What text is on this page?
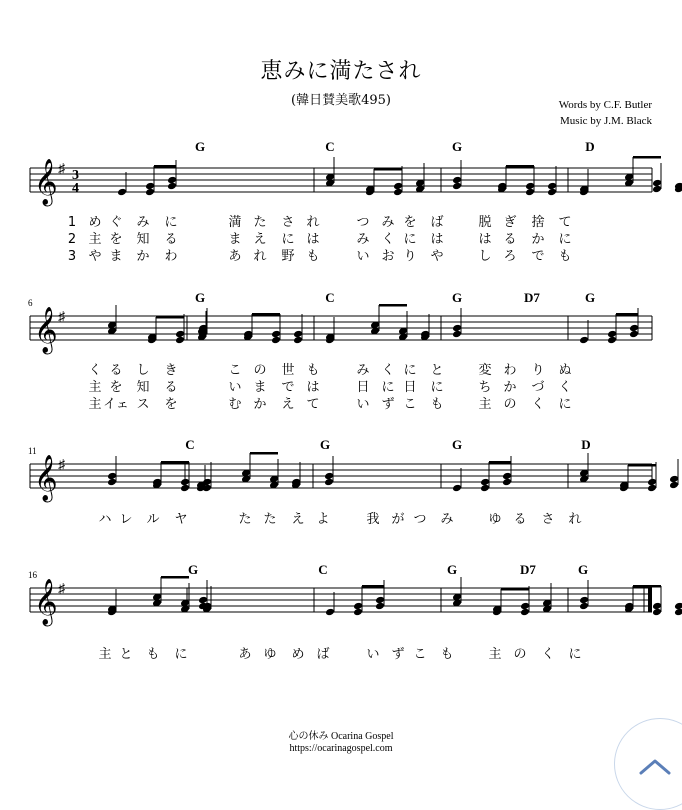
恵みに満たされ
(韓日賛美歌495)	Words by C.F. Butler
Music by J.M. Black
𝄞 ♯ 3
4
G	C	G	D
1 め ぐ み に	満 た さ れ	つ み を ば	脱 ぎ 捨 て
2 主 を 知 る	ま え に は	み く に は	は る か に
3 や ま か わ	あ れ 野 も	い お り や	し ろ で も
𝄞 ♯
6	G	C	G	D7	G
く る し き	こ の 世 も	み く に と	変 わ り ぬ
主 を 知 る	い ま で は	日 に 日 に	ち か づ く
主 イェ ス を	む か え て	い ず こ も	主 の く に
𝄞 ♯
11	C	G	G	D
ハ レ ル ヤ	た た え よ	我 が つ み	ゆ る さ れ
𝄞 ♯
16	G	C	G	D7	G
主 と も に	あ ゆ め ば	い ず こ も	主 の く に
心の休み Ocarina Gospel
https://ocarinagospel.com
